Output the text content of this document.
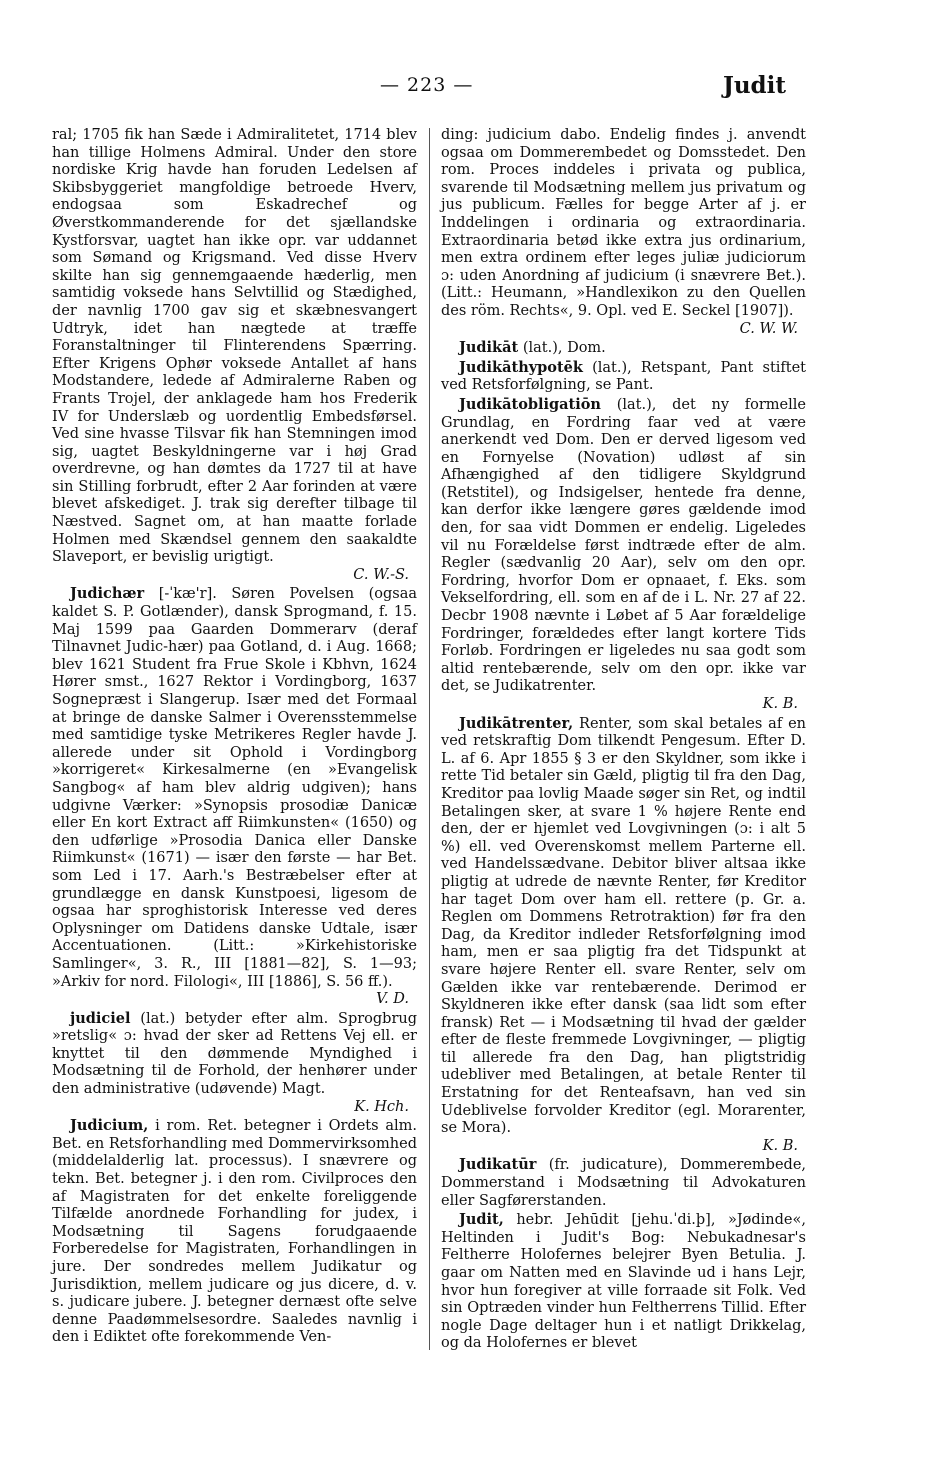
— 223 —	Judit

ral; 1705 fik han Sæde i Admiralitetet, 1714 blev han tillige Holmens Admiral. Under den store nordiske Krig havde han foruden Ledelsen af Skibsbyggeriet mangfoldige betroede Hverv, endogsaa som Eskadrechef og Øverstkommanderende for det sjællandske Kystforsvar, uagtet han ikke opr. var uddannet som Sømand og Krigsmand. Ved disse Hverv skilte han sig gennemgaaende hæderlig, men samtidig voksede hans Selvtillid og Stædighed, der navnlig 1700 gav sig et skæbnesvangert Udtryk, idet han nægtede at træffe Foranstaltninger til Flinterendens Spærring. Efter Krigens Ophør voksede Antallet af hans Modstandere, ledede af Admiralerne Raben og Frants Trojel, der anklagede ham hos Frederik IV for Underslæb og uordentlig Embedsførsel. Ved sine hvasse Tilsvar fik han Stemningen imod sig, uagtet Beskyldningerne var i høj Grad overdrevne, og han dømtes da 1727 til at have sin Stilling forbrudt, efter 2 Aar forinden at være blevet afskediget. J. trak sig derefter tilbage til Næstved. Sagnet om, at han maatte forlade Holmen med Skændsel gennem den saakaldte Slaveport, er bevislig urigtigt.
C. W.-S.

Judichær [-ˈkæ'r]. Søren Povelsen (ogsaa kaldet S. P. Gotlænder), dansk Sprogmand, f. 15. Maj 1599 paa Gaarden Dommerarv (deraf Tilnavnet Judic-hær) paa Gotland, d. i Aug. 1668; blev 1621 Student fra Frue Skole i Kbhvn, 1624 Hører smst., 1627 Rektor i Vordingborg, 1637 Sognepræst i Slangerup. Især med det Formaal at bringe de danske Salmer i Overensstemmelse med samtidige tyske Metrikeres Regler havde J. allerede under sit Ophold i Vordingborg »korrigeret« Kirkesalmerne (en »Evangelisk Sangbog« af ham blev aldrig udgiven); hans udgivne Værker: »Synopsis prosodiæ Danicæ eller En kort Extract aff Riimkunsten« (1650) og den udførlige »Prosodia Danica eller Danske Riimkunst« (1671) — især den første — har Bet. som Led i 17. Aarh.'s Bestræbelser efter at grundlægge en dansk Kunstpoesi, ligesom de ogsaa har sproghistorisk Interesse ved deres Oplysninger om Datidens danske Udtale, især Accentuationen. (Litt.: »Kirkehistoriske Samlinger«, 3. R., III [1881—82], S. 1—93; »Arkiv for nord. Filologi«, III [1886], S. 56 ff.).
V. D.

judiciel (lat.) betyder efter alm. Sprogbrug »retslig« ɔ: hvad der sker ad Rettens Vej ell. er knyttet til den dømmende Myndighed i Modsætning til de Forhold, der henhører under den administrative (udøvende) Magt.
K. Hch.

Judicium, i rom. Ret. betegner i Ordets alm. Bet. en Retsforhandling med Dommervirksomhed (middelalderlig lat. processus). I snævrere og tekn. Bet. betegner j. i den rom. Civilproces den af Magistraten for det enkelte foreliggende Tilfælde anordnede Forhandling for judex, i Modsætning til Sagens forudgaaende Forberedelse for Magistraten, Forhandlingen in jure. Der sondredes mellem Judikatur og Jurisdiktion, mellem judicare og jus dicere, d. v. s. judicare jubere. J. betegner dernæst ofte selve denne Paadømmelsesordre. Saaledes navnlig i den i Ediktet ofte forekommende Ven-

ding: judicium dabo. Endelig findes j. anvendt ogsaa om Dommerembedet og Domsstedet. Den rom. Proces inddeles i privata og publica, svarende til Modsætning mellem jus privatum og jus publicum. Fælles for begge Arter af j. er Inddelingen i ordinaria og extraordinaria. Extraordinaria betød ikke extra jus ordinarium, men extra ordinem efter leges juliæ judiciorum ɔ: uden Anordning af judicium (i snævrere Bet.). (Litt.: Heumann, »Handlexikon zu den Quellen des röm. Rechts«, 9. Opl. ved E. Seckel [1907]).
C. W. W.

Judikāt (lat.), Dom.

Judikāthypotēk (lat.), Retspant, Pant stiftet ved Retsforfølgning, se Pant.

Judikātobligatiōn (lat.), det ny formelle Grundlag, en Fordring faar ved at være anerkendt ved Dom. Den er derved ligesom ved en Fornyelse (Novation) udløst af sin Afhængighed af den tidligere Skyldgrund (Retstitel), og Indsigelser, hentede fra denne, kan derfor ikke længere gøres gældende imod den, for saa vidt Dommen er endelig. Ligeledes vil nu Forældelse først indtræde efter de alm. Regler (sædvanlig 20 Aar), selv om den opr. Fordring, hvorfor Dom er opnaaet, f. Eks. som Vekselfordring, ell. som en af de i L. Nr. 27 af 22. Decbr 1908 nævnte i Løbet af 5 Aar forældelige Fordringer, forældedes efter langt kortere Tids Forløb. Fordringen er ligeledes nu saa godt som altid rentebærende, selv om den opr. ikke var det, se Judikatrenter.
K. B.

Judikātrenter, Renter, som skal betales af en ved retskraftig Dom tilkendt Pengesum. Efter D. L. af 6. Apr 1855 § 3 er den Skyldner, som ikke i rette Tid betaler sin Gæld, pligtig til fra den Dag, Kreditor paa lovlig Maade søger sin Ret, og indtil Betalingen sker, at svare 1 % højere Rente end den, der er hjemlet ved Lovgivningen (ɔ: i alt 5 %) ell. ved Overenskomst mellem Parterne ell. ved Handelssædvane. Debitor bliver altsaa ikke pligtig at udrede de nævnte Renter, før Kreditor har taget Dom over ham ell. rettere (p. Gr. a. Reglen om Dommens Retrotraktion) før fra den Dag, da Kreditor indleder Retsforfølgning imod ham, men er saa pligtig fra det Tidspunkt at svare højere Renter ell. svare Renter, selv om Gælden ikke var rentebærende. Derimod er Skyldneren ikke efter dansk (saa lidt som efter fransk) Ret — i Modsætning til hvad der gælder efter de fleste fremmede Lovgivninger, — pligtig til allerede fra den Dag, han pligtstridig udebliver med Betalingen, at betale Renter til Erstatning for det Renteafsavn, han ved sin Udeblivelse forvolder Kreditor (egl. Morarenter, se Mora).
K. B.

Judikatūr (fr. judicature), Dommerembede, Dommerstand i Modsætning til Advokaturen eller Sagførerstanden.

Judit, hebr. Jehūdit [jehu.ˈdi.þ], »Jødinde«, Heltinden i Judit's Bog: Nebukadnesar's Feltherre Holofernes belejrer Byen Betulia. J. gaar om Natten med en Slavinde ud i hans Lejr, hvor hun foregiver at ville forraade sit Folk. Ved sin Optræden vinder hun Feltherrens Tillid. Efter nogle Dage deltager hun i et natligt Drikkelag, og da Holofernes er blevet
